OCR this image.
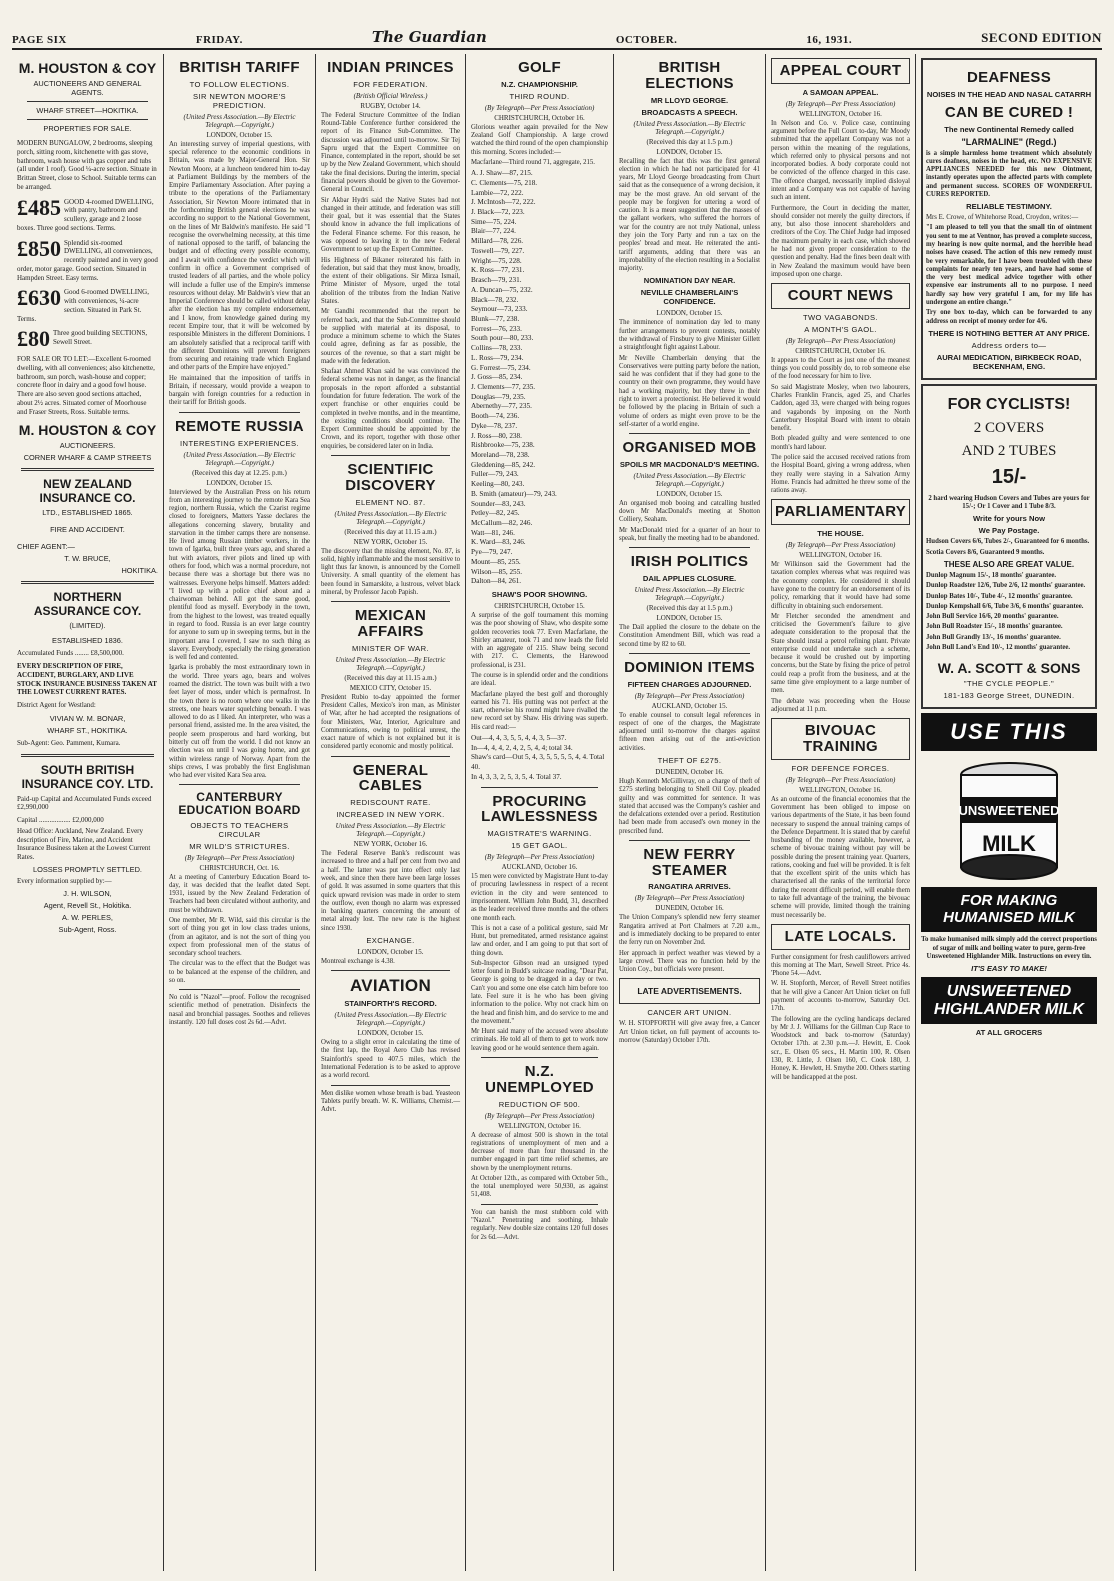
PAGE SIX	FRIDAY.	The Guardian	OCTOBER.	16, 1931.	SECOND EDITION
M. HOUSTON & COY
AUCTIONEERS AND GENERAL AGENTS.
WHARF STREET—HOKITIKA.
PROPERTIES FOR SALE.
MODERN BUNGALOW, 2 bedrooms, sleeping porch, sitting room, kitchenette with gas stove, bathroom, wash house with gas copper and tubs (all under 1 roof). Good ¼-acre section. Situate in Brittan Street, close to School. Suitable terms can be arranged.
£485 GOOD 4-roomed DWELLING, with pantry, bathroom and scullery, garage and 2 loose boxes. Three good sections. Terms.
£850 Splendid six-roomed DWELLING, all conveniences, recently painted and in very good order, motor garage. Good section. Situated in Hampden Street. Easy terms.
£630 Good 6-roomed DWELLING, with conveniences, ¼-acre section. Situated in Park St. Terms.
£80 Three good building SECTIONS, Sewell Street.
FOR SALE OR TO LET:—Excellent 6-roomed dwelling, with all conveniences; also kitchenette, bathroom, sun porch, wash-house and copper; concrete floor in dairy and a good fowl house. There are also seven good sections attached, about 2½ acres. Situated corner of Moorhouse and Fraser Streets, Ross. Suitable terms.
M. HOUSTON & COY
AUCTIONEERS.
CORNER WHARF & CAMP STREETS
NEW ZEALAND INSURANCE CO.
LTD., ESTABLISHED 1865.
FIRE AND ACCIDENT.
CHIEF AGENT:—
T. W. BRUCE,
HOKITIKA.
NORTHERN ASSURANCE COY.
(LIMITED).
ESTABLISHED 1836.
Accumulated Funds ........ £8,500,000.
EVERY DESCRIPTION OF FIRE, ACCIDENT, BURGLARY, AND LIVE STOCK INSURANCE BUSINESS TAKEN AT THE LOWEST CURRENT RATES.
District Agent for Westland:
VIVIAN W. M. BONAR,
WHARF ST., HOKITIKA.
Sub-Agent: Geo. Pamment, Kumara.
SOUTH BRITISH INSURANCE COY. LTD.
Paid-up Capital and Accumulated Funds exceed £2,990,000
Capital .................. £2,000,000
Head Office: Auckland, New Zealand. Every description of Fire, Marine, and Accident Insurance Business taken at the Lowest Current Rates.
LOSSES PROMPTLY SETTLED.
Every information supplied by:—
J. H. WILSON,
Agent, Revell St., Hokitika.
A. W. PERLES,
Sub-Agent, Ross.
BRITISH TARIFF
TO FOLLOW ELECTIONS.
SIR NEWTON MOORE'S PREDICTION.
(United Press Association.—By Electric Telegraph.—Copyright.)
LONDON, October 15.
An interesting survey of imperial questions, with special reference to the economic conditions in Britain, was made by Major-General Hon. Sir Newton Moore, at a luncheon tendered him to-day at Parliament Buildings by the members of the Empire Parliamentary Association. After paying a tribute to the operations of the Parliamentary Association, Sir Newton Moore intimated that in the forthcoming British general elections he was according no support to the National Government, on the lines of Mr Baldwin's manifesto. He said "I recognise the overwhelming necessity, at this time of national opposed to the tariff, of balancing the budget and of effecting every possible economy, and I await with confidence the verdict which will confirm in office a Government comprised of trusted leaders of all parties, and the whole policy will include a fuller use of the Empire's immense resources without delay. Mr Baldwin's view that an Imperial Conference should be called without delay after the election has my complete endorsement, and I know, from knowledge gained during my recent Empire tour, that it will be welcomed by responsible Ministers in the different Dominions. I am absolutely satisfied that a reciprocal tariff with the different Dominions will prevent foreigners from securing and retaining trade which England and other parts of the Empire have enjoyed."
He maintained that the imposition of tariffs in Britain, if necessary, would provide a weapon to bargain with foreign countries for a reduction in their tariff for British goods.
REMOTE RUSSIA
INTERESTING EXPERIENCES.
(United Press Association.—By Electric Telegraph.—Copyright.)
(Received this day at 12.25. p.m.)
LONDON, October 15.
Interviewed by the Australian Press on his return from an interesting journey to the remote Kara Sea region, northern Russia, which the Czarist regime closed to foreigners, Matters Yasse declares the allegations concerning slavery, brutality and starvation in the timber camps there are nonsense. He lived among Russian timber workers, in the town of Igarka, built three years ago, and shared a hut with aviators, river pilots and lined up with others for food, which was a normal procedure, not because there was a shortage but there was no waitresses. Everyone helps himself. Matters added: "I lived up with a police chief about and a chairwoman behind. All got the same good, plentiful food as myself. Everybody in the town, from the highest to the lowest, was treated equally in regard to food. Russia is an ever large country for anyone to sum up in sweeping terms, but in the important area I covered, I saw no such thing as slavery. Everybody, especially the rising generation is well fed and contented.
Igarka is probably the most extraordinary town in the world. Three years ago, bears and wolves roamed the district. The town was built with a two feet layer of moss, under which is permafrost. In the town there is no room where one walks in the streets, one hears water squelching beneath. I was allowed to do as I liked. An interpreter, who was a personal friend, assisted me. In the area visited, the people seem prosperous and hard working, but bitterly cut off from the world. I did not know an election was on until I was going home, and got within wireless range of Norway. Apart from the ships crews, I was probably the first Englishman who had ever visited Kara Sea area.
CANTERBURY EDUCATION BOARD
OBJECTS TO TEACHERS CIRCULAR
MR WILD'S STRICTURES.
(By Telegraph—Per Press Association)
CHRISTCHURCH, Oct. 16.
At a meeting of Canterbury Education Board to-day, it was decided that the leaflet dated Sept. 1931, issued by the New Zealand Federation of Teachers had been circulated without authority, and must be withdrawn.
One member, Mr R. Wild, said this circular is the sort of thing you get in low class trades unions, (from an agitator, and is not the sort of thing you expect from professional men of the status of secondary school teachers.
The circular was to the effect that the Budget was to be balanced at the expense of the children, and so on.
No cold is "Nazol"—proof. Follow the recognised scientific method of penetration. Disinfects the nasal and bronchial passages. Soothes and relieves instantly. 120 full doses cost 2s 6d.—Advt.
INDIAN PRINCES
FOR FEDERATION.
(British Official Wireless.)
RUGBY, October 14.
The Federal Structure Committee of the Indian Round-Table Conference further considered the report of its Finance Sub-Committee. The discussion was adjourned until to-morrow. Sir Tej Sapru urged that the Expert Committee on Finance, contemplated in the report, should be set up by the New Zealand Government, which should take the final decisions. During the interim, special financial powers should be given to the Governor-General in Council.
Sir Akbar Hydri said the Native States had not changed in their attitude, and federation was still their goal, but it was essential that the States should know in advance the full implications of the Federal Finance scheme. For this reason, he was opposed to leaving it to the new Federal Government to set up the Expert Committee.
His Highness of Bikaner reiterated his faith in federation, but said that they must know, broadly, the extent of their obligations. Sir Mirza Ismail, Prime Minister of Mysore, urged the total abolition of the tributes from the Indian Native States.
Mr Gandhi recommended that the report be referred back, and that the Sub-Committee should be supplied with material at its disposal, to produce a minimum scheme to which the States could agree, defining as far as possible, the sources of the revenue, so that a start might be made with the federation.
Shafaat Ahmed Khan said he was convinced the federal scheme was not in danger, as the financial proposals in the report afforded a substantial foundation for future federation. The work of the expert franchise or other enquiries could be completed in twelve months, and in the meantime, the existing conditions should continue. The Expert Committee should be appointed by the Crown, and its report, together with those other enquiries, be considered later on in India.
SCIENTIFIC DISCOVERY
ELEMENT NO. 87.
(United Press Association.—By Electric Telegraph.—Copyright.)
(Received this day at 11.15 a.m.)
NEW YORK, October 15.
The discovery that the missing element, No. 87, is solid, highly inflammable and the most sensitive to light thus far known, is announced by the Cornell University. A small quantity of the element has been found in Samarskite, a lustrous, velvet black mineral, by Professor Jacob Papish.
MEXICAN AFFAIRS
MINISTER OF WAR.
United Press Association.—By Electric Telegraph.—Copyright.)
(Received this day at 11.15 a.m.)
MEXICO CITY, October 15.
President Rubio to-day appointed the former President Calles, Mexico's iron man, as Minister of War, after he had accepted the resignations of four Ministers, War, Interior, Agriculture and Communications, owing to political unrest, the exact nature of which is not explained but it is considered partly economic and mostly political.
GENERAL CABLES
REDISCOUNT RATE.
INCREASED IN NEW YORK.
United Press Association.—By Electric Telegraph.—Copyright.)
NEW YORK, October 16.
The Federal Reserve Bank's rediscount was increased to three and a half per cent from two and a half. The latter was put into effect only last week, and since then there have been large losses of gold. It was assumed in some quarters that this quick upward revision was made in order to stem the outflow, even though no alarm was expressed in banking quarters concerning the amount of metal already lost. The new rate is the highest since 1930.
EXCHANGE.
LONDON, October 15.
Montreal exchange is 4.38.
AVIATION
STAINFORTH'S RECORD.
(United Press Association.—By Electric Telegraph.—Copyright.)
LONDON, October 15.
Owing to a slight error in calculating the time of the first lap, the Royal Aero Club has revised Stainforth's speed to 407.5 miles, which the International Federation is to be asked to approve as a world record.
Men dislike women whose breath is bad. Yeasteon Tablets purify breath. W. K. Williams, Chemist.—Advt.
GOLF
N.Z. CHAMPIONSHIP.
THIRD ROUND.
(By Telegraph—Per Press Association)
CHRISTCHURCH, October 16.
Glorious weather again prevailed for the New Zealand Golf Championship. A large crowd watched the third round of the open championship this morning. Scores included:—
Macfarlane—Third round 71, aggregate, 215.
A. J. Shaw—87, 215.
C. Clements—75, 218.
Lambie—72, 222.
J. McIntosh—72, 222.
J. Black—72, 223.
Sime—75, 224.
Blair—77, 224.
Millard—78, 226.
Toswell—79, 227.
Wright—75, 228.
K. Ross—77, 231.
Brasch—79, 231.
A. Duncan—75, 232.
Black—78, 232.
Seymour—73, 233.
Blunk—77, 238.
Forrest—76, 233.
South pour—80, 233.
Collins—78, 233.
L. Ross—79, 234.
G. Forrest—75, 234.
J. Goss—85, 234.
J. Clements—77, 235.
Douglas—79, 235.
Abernethy—77, 235.
Booth—74, 236.
Dyke—78, 237.
J. Ross—80, 238.
Rishbrooke—75, 238.
Moreland—78, 238.
Gleddening—85, 242.
Fuller—79, 243.
Keeling—80, 243.
B. Smith (amateur)—79, 243.
Sounder—83, 243.
Petley—82, 245.
McCallum—82, 246.
Watt—81, 246.
K. Ward—83, 246.
Pye—79, 247.
Mount—85, 255.
Wilson—85, 255.
Dalton—84, 261.
SHAW'S POOR SHOWING.
CHRISTCHURCH, October 15.
A surprise of the golf tournament this morning was the poor showing of Shaw, who despite some golden recoveries took 77. Even Macfarlane, the Shirley amateur, took 71 and now leads the field with an aggregate of 215. Shaw being second with 217. C. Clements, the Harewood professional, is 231.
The course is in splendid order and the conditions are ideal.
Macfarlane played the best golf and thoroughly earned his 71. His putting was not perfect at the start, otherwise his round might have rivalled the new record set by Shaw. His driving was superb. His card read:—
Out—4, 4, 3, 5, 5, 4, 4, 3, 5—37.
In—4, 4, 4, 2, 4, 2, 5, 4, 4; total 34.
Shaw's card—Out 5, 4, 3, 5, 5, 5, 5, 4, 4. Total 40.
In 4, 3, 3, 2, 5, 3, 5, 4. Total 37.
PROCURING LAWLESSNESS
MAGISTRATE'S WARNING.
15 GET GAOL.
(By Telegraph—Per Press Association)
AUCKLAND, October 16.
15 men were convicted by Magistrate Hunt to-day of procuring lawlessness in respect of a recent eviction in the city and were sentenced to imprisonment. William John Budd, 31, described as the leader received three months and the others one month each.
This is not a case of a political gesture, said Mr Hunt, but premeditated, armed resistance against law and order, and I am going to put that sort of thing down.
Sub-Inspector Gibson read an unsigned typed letter found in Budd's suitcase reading, "Dear Pat, George is going to be dragged in a day or two. Can't you and some one else catch him before too late. Feel sure it is he who has been giving information to the police. Why not crack him on the head and finish him, and do service to me and the movement."
Mr Hunt said many of the accused were absolute criminals. He told all of them to get to work now leaving good or he would sentence them again.
N.Z. UNEMPLOYED
REDUCTION OF 500.
(By Telegraph—Per Press Association)
WELLINGTON, October 16.
A decrease of almost 500 is shown in the total registrations of unemployment of men and a decrease of more than four thousand in the number engaged in part time relief schemes, are shown by the unemployment returns.
At October 12th., as compared with October 5th., the total unemployed were 50,930, as against 51,408.
You can banish the most stubborn cold with "Nazol." Penetrating and soothing. Inhale regularly. New double size contains 120 full doses for 2s 6d.—Advt.
BRITISH ELECTIONS
MR LLOYD GEORGE.
BROADCASTS A SPEECH.
(United Press Association.—By Electric Telegraph.—Copyright.)
(Received this day at 1.5 p.m.)
LONDON, October 15.
Recalling the fact that this was the first general election in which he had not participated for 41 years, Mr Lloyd George broadcasting from Churt said that as the consequence of a wrong decision, it may be the most grave. An old servant of the people may be forgiven for uttering a word of caution. It is a mean suggestion that the masses of the gallant workers, who suffered the horrors of war for the country are not truly National, unless they join the Tory Party and run a tax on the peoples' bread and meat. He reiterated the anti-tariff arguments, adding that there was an improbability of the election resulting in a Socialist majority.
NOMINATION DAY NEAR.
NEVILLE CHAMBERLAIN'S CONFIDENCE.
LONDON, October 15.
The imminence of nomination day led to many further arrangements to prevent contests, notably the withdrawal of Finsbury to give Minister Gillett a straightfought fight against Labour.
Mr Neville Chamberlain denying that the Conservatives were putting party before the nation, said he was confident that if they had gone to the country on their own programme, they would have had a working majority, but they threw in their right to invert a protectionist. He believed it would be followed by the placing in Britain of such a volume of orders as might even prove to be the self-starter of a world engine.
ORGANISED MOB
SPOILS MR MACDONALD'S MEETING.
(United Press Association.—By Electric Telegraph.—Copyright.)
LONDON, October 15.
An organised mob booing and catcalling hustled down Mr MacDonald's meeting at Shotton Colliery, Seaham.
Mr MacDonald tried for a quarter of an hour to speak, but finally the meeting had to be abandoned.
IRISH POLITICS
DAIL APPLIES CLOSURE.
United Press Association.—By Electric Telegraph.—Copyright.)
(Received this day at 1.5 p.m.)
LONDON, October 15.
The Dail applied the closure to the debate on the Constitution Amendment Bill, which was read a second time by 82 to 60.
DOMINION ITEMS
FIFTEEN CHARGES ADJOURNED.
(By Telegraph—Per Press Association)
AUCKLAND, October 15.
To enable counsel to consult legal references in respect of one of the charges, the Magistrate adjourned until to-morrow the charges against fifteen men arising out of the anti-eviction activities.
THEFT OF £275.
DUNEDIN, October 16.
Hugh Kenneth McGillivray, on a charge of theft of £275 sterling belonging to Shell Oil Coy. pleaded guilty and was committed for sentence. It was stated that accused was the Company's cashier and the defalcations extended over a period. Restitution had been made from accused's own money in the prescribed fund.
NEW FERRY STEAMER
RANGATIRA ARRIVES.
(By Telegraph—Per Press Association)
DUNEDIN, October 16.
The Union Company's splendid new ferry steamer Rangatira arrived at Port Chalmers at 7.20 a.m., and is immediately docking to be prepared to enter the ferry run on November 2nd.
Her approach in perfect weather was viewed by a large crowd. There was no function held by the Union Coy., but officials were present.
LATE ADVERTISEMENTS.
CANCER ART UNION.
W. H. STOPFORTH will give away free, a Cancer Art Union ticket, on full payment of accounts to-morrow (Saturday) October 17th.
APPEAL COURT
A SAMOAN APPEAL.
(By Telegraph—Per Press Association)
WELLINGTON, October 16.
In Nelson and Co. v. Police case, continuing argument before the Full Court to-day, Mr Moody submitted that the appellant Company was not a person within the meaning of the regulations, which referred only to physical persons and not incorporated bodies. A body corporate could not be convicted of the offence charged in this case. The offence charged, necessarily implied disloyal intent and a Company was not capable of having such an intent.
Furthermore, the Court in deciding the matter, should consider not merely the guilty directors, if any, but also those innocent shareholders and creditors of the Coy. The Chief Judge had imposed the maximum penalty in each case, which showed he had not given proper consideration to the question and penalty. Had the fines been dealt with in New Zealand the maximum would have been imposed upon one charge.
COURT NEWS
TWO VAGABONDS.
A MONTH'S GAOL.
(By Telegraph—Per Press Association)
CHRISTCHURCH, October 16.
It appears to the Court as just one of the meanest things you could possibly do, to rob someone else of the food necessary for him to live.
So said Magistrate Mosley, when two labourers, Charles Franklin Francis, aged 25, and Charles Caddon, aged 33, were charged with being rogues and vagabonds by imposing on the North Canterbury Hospital Board with intent to obtain benefit.
Both pleaded guilty and were sentenced to one month's hard labour.
The police said the accused received rations from the Hospital Board, giving a wrong address, when they really were staying in a Salvation Army Home. Francis had admitted he threw some of the rations away.
PARLIAMENTARY
THE HOUSE.
(By Telegraph—Per Press Association)
WELLINGTON, October 16.
Mr Wilkinson said the Government had the taxation complex whereas what was required was the economy complex. He considered it should have gone to the country for an endorsement of its policy, remarking that it would have had some difficulty in obtaining such endorsement.
Mr Fletcher seconded the amendment and criticised the Government's failure to give adequate consideration to the proposal that the State should instal a petrol refining plant. Private enterprise could not undertake such a scheme, because it would be crushed out by importing concerns, but the State by fixing the price of petrol could reap a profit from the business, and at the same time give employment to a large number of men.
The debate was proceeding when the House adjourned at 11 p.m.
BIVOUAC TRAINING
FOR DEFENCE FORCES.
(By Telegraph—Per Press Association)
WELLINGTON, October 16.
As an outcome of the financial economies that the Government has been obliged to impose on various departments of the State, it has been found necessary to suspend the annual training camps of the Defence Department. It is stated that by careful husbanding of the money available, however, a scheme of bivouac training without pay will be possible during the present training year. Quarters, rations, cooking and fuel will be provided. It is felt that the excellent spirit of the units which has characterised all the ranks of the territorial force during the recent difficult period, will enable them to take full advantage of the training, the bivouac scheme will provide, limited though the training must necessarily be.
LATE LOCALS.
Further consignment for fresh cauliflowers arrived this morning at The Mart, Sewell Street. Price 4s. 'Phone 54.—Advt.
W. H. Stopforth, Mercer, of Revell Street notifies that he will give a Cancer Art Union ticket on full payment of accounts to-morrow, Saturday Oct. 17th.
The following are the cycling handicaps declared by Mr J. J. Williams for the Gillman Cup Race to Woodstock and back to-morrow (Saturday) October 17th. at 2.30 p.m.—J. Hewitt, E. Cook scr., E. Olsen 05 secs., H. Martin 100, R. Olsen 130, R. Little, J. Olsen 160, C. Cook 180, J. Honey, K. Hewlett, H. Smythe 200. Others starting will be handicapped at the post.
DEAFNESS
NOISES IN THE HEAD AND NASAL CATARRH
CAN BE CURED !
The new Continental Remedy called
"LARMALINE" (Regd.)
is a simple harmless home treatment which absolutely cures deafness, noises in the head, etc. NO EXPENSIVE APPLIANCES NEEDED for this new Ointment, instantly operates upon the affected parts with complete and permanent success. SCORES OF WONDERFUL CURES REPORTED.
RELIABLE TESTIMONY.
Mrs E. Crowe, of Whitehorse Road, Croydon, writes:—
"I am pleased to tell you that the small tin of ointment you sent to me at Ventnor, has proved a complete success, my hearing is now quite normal, and the horrible head noises have ceased. The action of this new remedy must be very remarkable, for I have been troubled with these complaints for nearly ten years, and have had some of the very best medical advice together with other expensive ear instruments all to no purpose. I need hardly say how very grateful I am, for my life has undergone an entire change."
Try one box to-day, which can be forwarded to any address on receipt of money order for 4/6.
THERE IS NOTHING BETTER AT ANY PRICE.
Address orders to—
AURAI MEDICATION, BIRKBECK ROAD, BECKENHAM, ENG.
FOR CYCLISTS!
2 COVERS
AND 2 TUBES
15/-
2 hard wearing Hudson Covers and Tubes are yours for 15/-; Or 1 Cover and 1 Tube 8/3.
Write for yours Now
We Pay Postage.
Hudson Covers 6/6, Tubes 2/-, Guaranteed for 6 months.
Scotia Covers 8/6, Guaranteed 9 months.
THESE ALSO ARE GREAT VALUE.
Dunlop Magnum 15/-, 18 months' guarantee.
Dunlop Roadster 12/6, Tube 2/6, 12 months' guarantee.
Dunlop Bates 10/-, Tube 4/-, 12 months' guarantee.
Dunlop Kempshall 6/6, Tube 3/6, 6 months' guarantee.
John Bull Service 16/6, 20 months' guarantee.
John Bull Roadster 15/-, 18 months' guarantee.
John Bull Grandly 13/-, 16 months' guarantee.
John Bull Land's End 10/-, 12 months' guarantee.
W. A. SCOTT & SONS
"THE CYCLE PEOPLE."
181-183 George Street, DUNEDIN.
USE THIS
UNSWEETENED
MILK
FOR MAKING HUMANISED MILK
To make humanised milk simply add the correct proportions of sugar of milk and boiling water to pure, germ-free Unsweetened Highlander Milk. Instructions on every tin.
IT'S EASY TO MAKE!
UNSWEETENED HIGHLANDER MILK
AT ALL GROCERS
